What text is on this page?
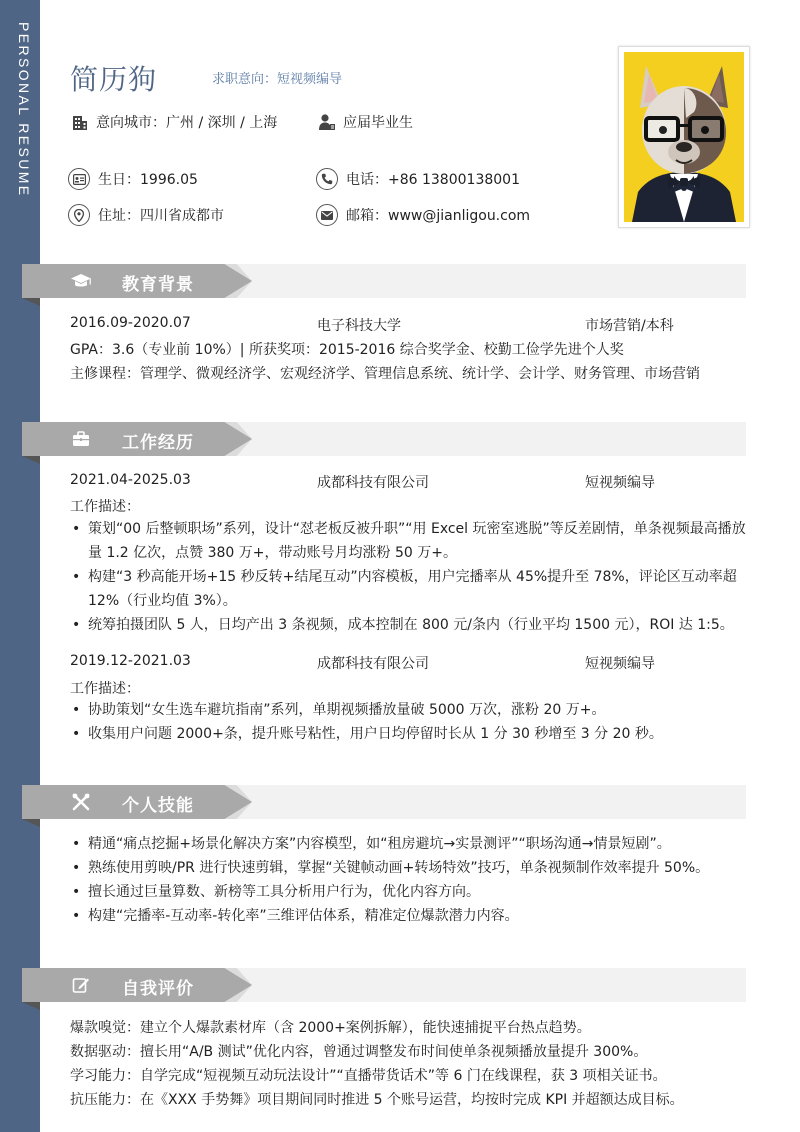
PERSONAL RESUME 简历狗	求职意向：短视频编导
意向城市：广州 / 深圳 / 上海	应届毕业生
生日：1996.05	电话：+86 13800138001
住址：四川省成都市	邮箱：www@jianligou.com
教育背景
2016.09-2020.07	电子科技大学	市场营销/本科
GPA：3.6（专业前 10%）| 所获奖项：2015-2016 综合奖学金、校勤工俭学先进个人奖
主修课程：管理学、微观经济学、宏观经济学、管理信息系统、统计学、会计学、财务管理、市场营销
工作经历
2021.04-2025.03	成都科技有限公司	短视频编导
工作描述：
• 策划“00 后整顿职场”系列，设计“怼老板反被升职”“用 Excel 玩密室逃脱”等反差剧情，单条视频最高播放量 1.2 亿次，点赞 380 万+，带动账号月均涨粉 50 万+。
• 构建“3 秒高能开场+15 秒反转+结尾互动”内容模板，用户完播率从 45%提升至 78%，评论区互动率超 12%（行业均值 3%）。
• 统筹拍摄团队 5 人，日均产出 3 条视频，成本控制在 800 元/条内（行业平均 1500 元），ROI 达 1:5。
2019.12-2021.03	成都科技有限公司	短视频编导
工作描述：
• 协助策划“女生选车避坑指南”系列，单期视频播放量破 5000 万次，涨粉 20 万+。
• 收集用户问题 2000+条，提升账号粘性，用户日均停留时长从 1 分 30 秒增至 3 分 20 秒。
个人技能
• 精通“痛点挖掘+场景化解决方案”内容模型，如“租房避坑→实景测评”“职场沟通→情景短剧”。
• 熟练使用剪映/PR 进行快速剪辑，掌握“关键帧动画+转场特效”技巧，单条视频制作效率提升 50%。
• 擅长通过巨量算数、新榜等工具分析用户行为，优化内容方向。
• 构建“完播率-互动率-转化率”三维评估体系，精准定位爆款潜力内容。
自我评价
爆款嗅觉：建立个人爆款素材库（含 2000+案例拆解），能快速捕捉平台热点趋势。
数据驱动：擅长用“A/B 测试”优化内容，曾通过调整发布时间使单条视频播放量提升 300%。
学习能力：自学完成“短视频互动玩法设计”“直播带货话术”等 6 门在线课程，获 3 项相关证书。
抗压能力：在《XXX 手势舞》项目期间同时推进 5 个账号运营，均按时完成 KPI 并超额达成目标。
